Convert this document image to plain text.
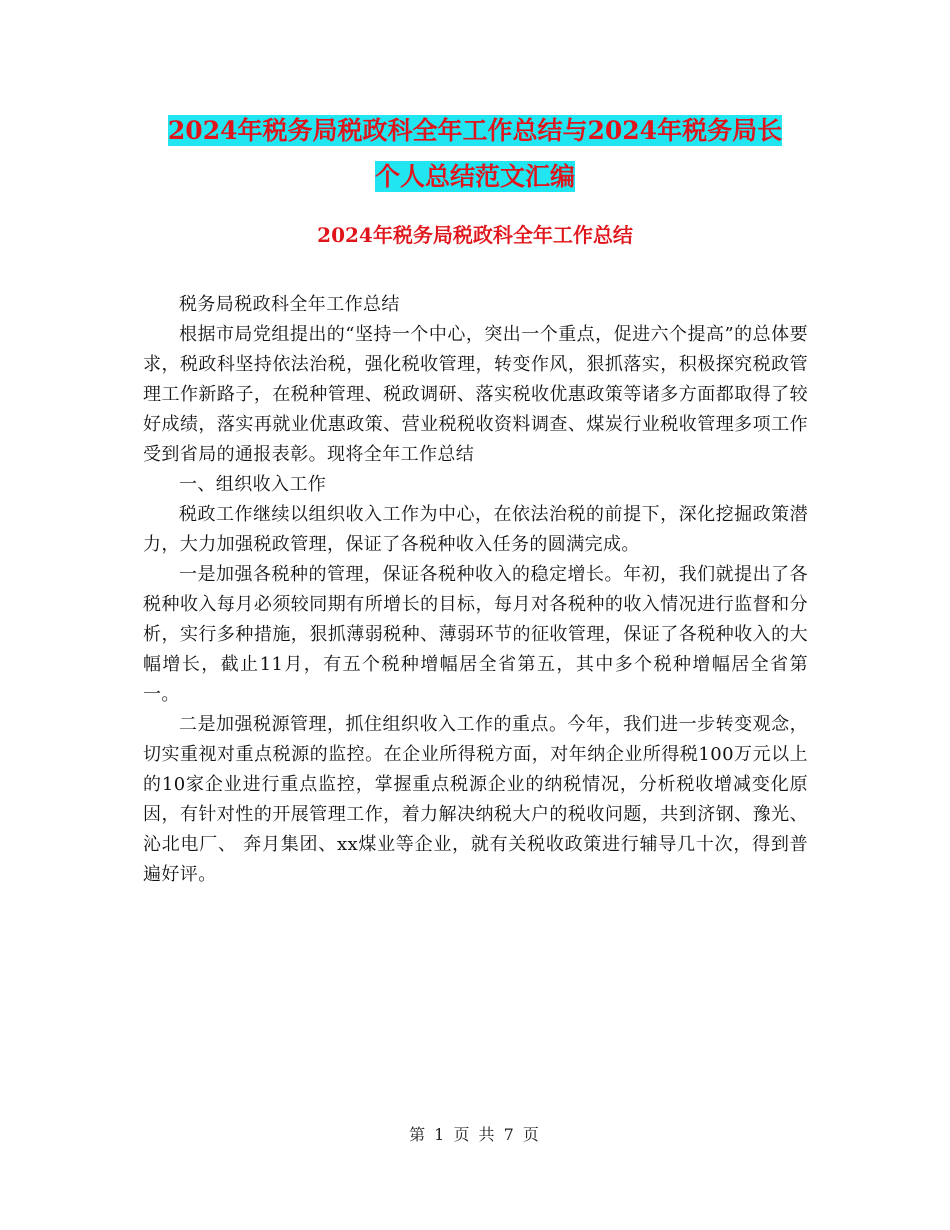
2024年税务局税政科全年工作总结与2024年税务局长
个人总结范文汇编
2024年税务局税政科全年工作总结

税务局税政科全年工作总结

根据市局党组提出的“坚持一个中心，突出一个重点，促进六个提高”的总体要求，税政科坚持依法治税，强化税收管理，转变作风，狠抓落实，积极探究税政管理工作新路子，在税种管理、税政调研、落实税收优惠政策等诸多方面都取得了较好成绩，落实再就业优惠政策、营业税税收资料调查、煤炭行业税收管理多项工作受到省局的通报表彰。现将全年工作总结

一、组织收入工作

税政工作继续以组织收入工作为中心，在依法治税的前提下，深化挖掘政策潜力，大力加强税政管理，保证了各税种收入任务的圆满完成。

一是加强各税种的管理，保证各税种收入的稳定增长。年初，我们就提出了各税种收入每月必须较同期有所增长的目标，每月对各税种的收入情况进行监督和分析，实行多种措施，狠抓薄弱税种、薄弱环节的征收管理，保证了各税种收入的大幅增长，截止11月，有五个税种增幅居全省第五，其中多个税种增幅居全省第一。

二是加强税源管理，抓住组织收入工作的重点。今年，我们进一步转变观念，切实重视对重点税源的监控。在企业所得税方面，对年纳企业所得税100万元以上的10家企业进行重点监控，掌握重点税源企业的纳税情况，分析税收增减变化原因，有针对性的开展管理工作，着力解决纳税大户的税收问题，共到济钢、豫光、沁北电厂、 奔月集团、xx煤业等企业，就有关税收政策进行辅导几十次，得到普遍好评。

第 1 页 共 7 页
